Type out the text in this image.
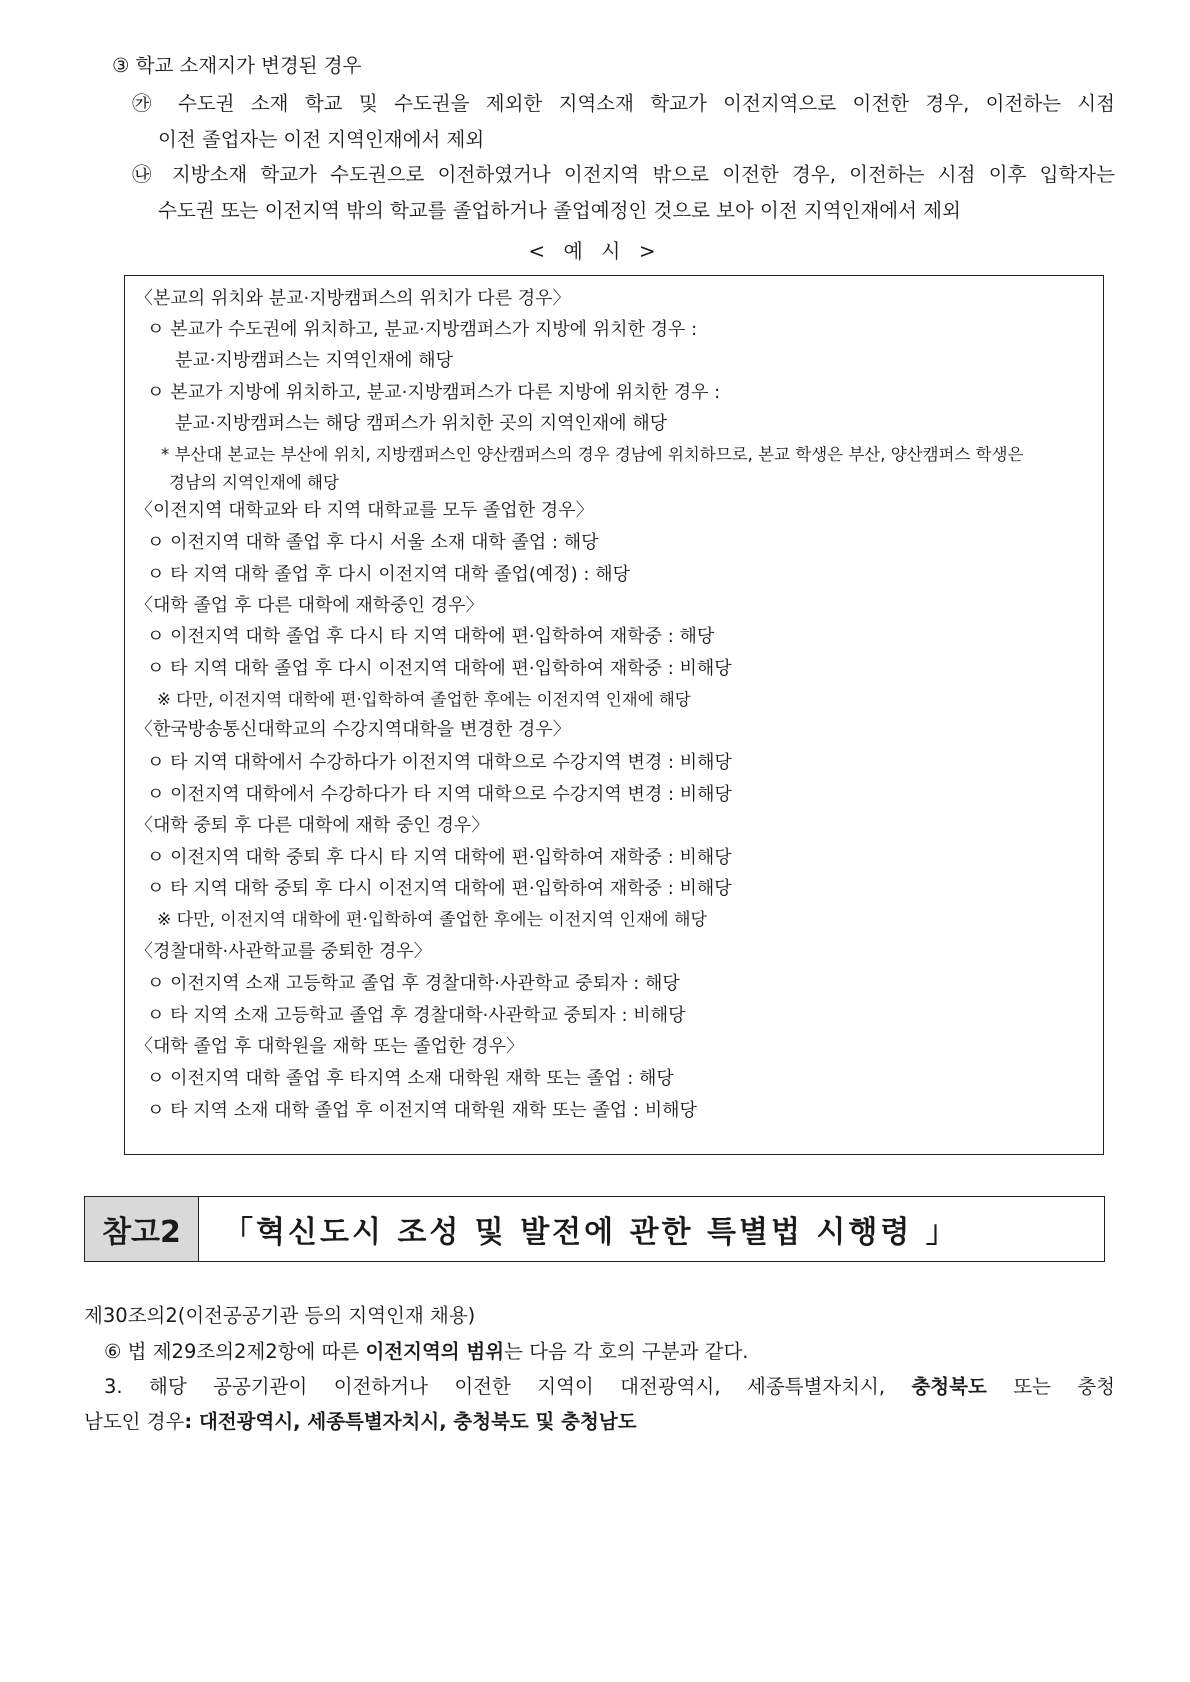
③ 학교 소재지가 변경된 경우
㉮ 수도권 소재 학교 및 수도권을 제외한 지역소재 학교가 이전지역으로 이전한 경우, 이전하는 시점
이전 졸업자는 이전 지역인재에서 제외
㉯ 지방소재 학교가 수도권으로 이전하였거나 이전지역 밖으로 이전한 경우, 이전하는 시점 이후 입학자는
수도권 또는 이전지역 밖의 학교를 졸업하거나 졸업예정인 것으로 보아 이전 지역인재에서 제외
< 예 시 >
〈본교의 위치와 분교·지방캠퍼스의 위치가 다른 경우〉
ㅇ 본교가 수도권에 위치하고, 분교·지방캠퍼스가 지방에 위치한 경우 :
분교·지방캠퍼스는 지역인재에 해당
ㅇ 본교가 지방에 위치하고, 분교·지방캠퍼스가 다른 지방에 위치한 경우 :
분교·지방캠퍼스는 해당 캠퍼스가 위치한 곳의 지역인재에 해당
* 부산대 본교는 부산에 위치, 지방캠퍼스인 양산캠퍼스의 경우 경남에 위치하므로, 본교 학생은 부산, 양산캠퍼스 학생은
경남의 지역인재에 해당
〈이전지역 대학교와 타 지역 대학교를 모두 졸업한 경우〉
ㅇ 이전지역 대학 졸업 후 다시 서울 소재 대학 졸업 : 해당
ㅇ 타 지역 대학 졸업 후 다시 이전지역 대학 졸업(예정) : 해당
〈대학 졸업 후 다른 대학에 재학중인 경우〉
ㅇ 이전지역 대학 졸업 후 다시 타 지역 대학에 편·입학하여 재학중 : 해당
ㅇ 타 지역 대학 졸업 후 다시 이전지역 대학에 편·입학하여 재학중 : 비해당
※ 다만, 이전지역 대학에 편·입학하여 졸업한 후에는 이전지역 인재에 해당
〈한국방송통신대학교의 수강지역대학을 변경한 경우〉
ㅇ 타 지역 대학에서 수강하다가 이전지역 대학으로 수강지역 변경 : 비해당
ㅇ 이전지역 대학에서 수강하다가 타 지역 대학으로 수강지역 변경 : 비해당
〈대학 중퇴 후 다른 대학에 재학 중인 경우〉
ㅇ 이전지역 대학 중퇴 후 다시 타 지역 대학에 편·입학하여 재학중 : 비해당
ㅇ 타 지역 대학 중퇴 후 다시 이전지역 대학에 편·입학하여 재학중 : 비해당
※ 다만, 이전지역 대학에 편·입학하여 졸업한 후에는 이전지역 인재에 해당
〈경찰대학·사관학교를 중퇴한 경우〉
ㅇ 이전지역 소재 고등학교 졸업 후 경찰대학·사관학교 중퇴자 : 해당
ㅇ 타 지역 소재 고등학교 졸업 후 경찰대학·사관학교 중퇴자 : 비해당
〈대학 졸업 후 대학원을 재학 또는 졸업한 경우〉
ㅇ 이전지역 대학 졸업 후 타지역 소재 대학원 재학 또는 졸업 : 해당
ㅇ 타 지역 소재 대학 졸업 후 이전지역 대학원 재학 또는 졸업 : 비해당
참고2	「혁신도시 조성 및 발전에 관한 특별법 시행령 」
제30조의2(이전공공기관 등의 지역인재 채용)
⑥ 법 제29조의2제2항에 따른 이전지역의 범위는 다음 각 호의 구분과 같다.
3. 해당 공공기관이 이전하거나 이전한 지역이 대전광역시, 세종특별자치시, 충청북도 또는 충청
남도인 경우: 대전광역시, 세종특별자치시, 충청북도 및 충청남도
